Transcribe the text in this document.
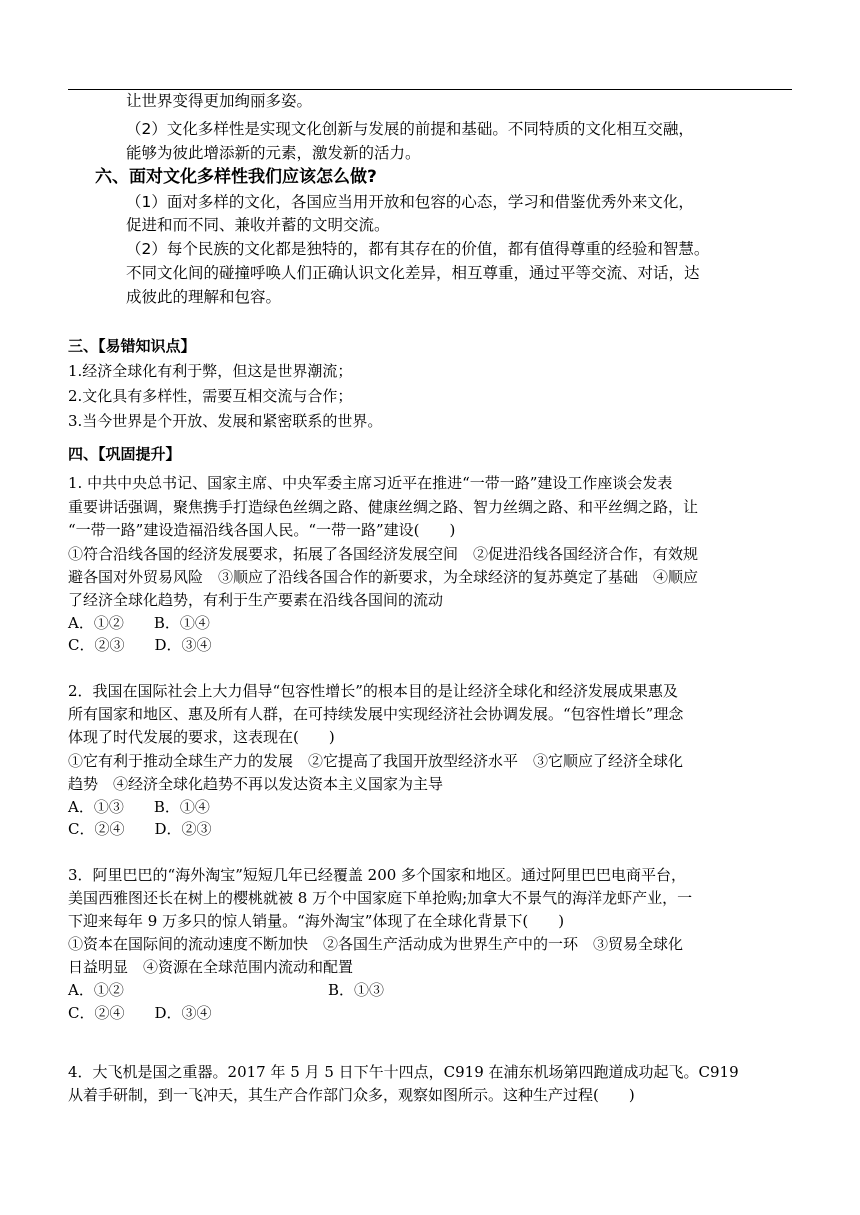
让世界变得更加绚丽多姿。
（2）文化多样性是实现文化创新与发展的前提和基础。不同特质的文化相互交融，
能够为彼此增添新的元素，激发新的活力。
六、面对文化多样性我们应该怎么做?
（1）面对多样的文化，各国应当用开放和包容的心态，学习和借鉴优秀外来文化，
促进和而不同、兼收并蓄的文明交流。
（2）每个民族的文化都是独特的，都有其存在的价值，都有值得尊重的经验和智慧。
不同文化间的碰撞呼唤人们正确认识文化差异，相互尊重，通过平等交流、对话，达
成彼此的理解和包容。
三、【易错知识点】
1.经济全球化有利于弊，但这是世界潮流；
2.文化具有多样性，需要互相交流与合作；
3.当今世界是个开放、发展和紧密联系的世界。
四、【巩固提升】
1. 中共中央总书记、国家主席、中央军委主席习近平在推进“一带一路”建设工作座谈会发表
重要讲话强调，聚焦携手打造绿色丝绸之路、健康丝绸之路、智力丝绸之路、和平丝绸之路，让
“一带一路”建设造福沿线各国人民。“一带一路”建设(　　)
①符合沿线各国的经济发展要求，拓展了各国经济发展空间　②促进沿线各国经济合作，有效规
避各国对外贸易风险　③顺应了沿线各国合作的新要求，为全球经济的复苏奠定了基础　④顺应
了经济全球化趋势，有利于生产要素在沿线各国间的流动
A．①②　　B．①④
C．②③　　D．③④
2．我国在国际社会上大力倡导“包容性增长”的根本目的是让经济全球化和经济发展成果惠及
所有国家和地区、惠及所有人群，在可持续发展中实现经济社会协调发展。“包容性增长”理念
体现了时代发展的要求，这表现在(　　)
①它有利于推动全球生产力的发展　②它提高了我国开放型经济水平　③它顺应了经济全球化
趋势　④经济全球化趋势不再以发达资本主义国家为主导
A．①③　　B．①④
C．②④　　D．②③
3．阿里巴巴的“海外淘宝”短短几年已经覆盖 200 多个国家和地区。通过阿里巴巴电商平台，
美国西雅图还长在树上的樱桃就被 8 万个中国家庭下单抢购;加拿大不景气的海洋龙虾产业，一
下迎来每年 9 万多只的惊人销量。“海外淘宝”体现了在全球化背景下(　　)
①资本在国际间的流动速度不断加快　②各国生产活动成为世界生产中的一环　③贸易全球化
日益明显　④资源在全球范围内流动和配置
A．①②	B．①③
C．②④　　D．③④
4．大飞机是国之重器。2017 年 5 月 5 日下午十四点，C919 在浦东机场第四跑道成功起飞。C919
从着手研制，到一飞冲天，其生产合作部门众多，观察如图所示。这种生产过程(　　)
